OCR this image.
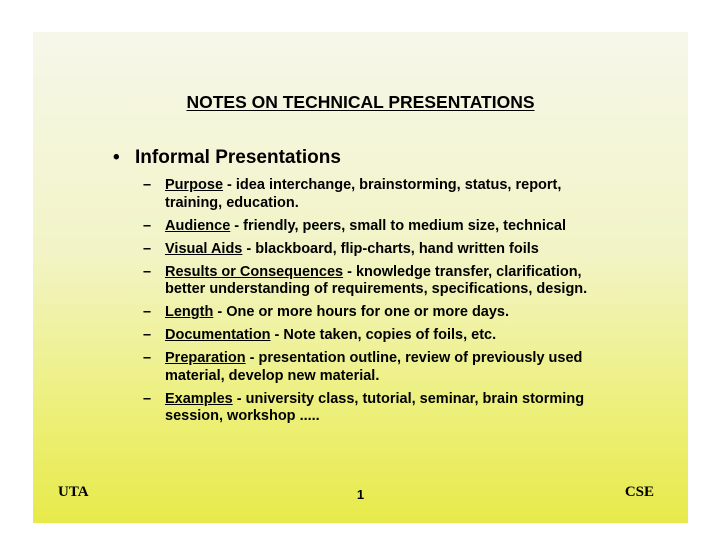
NOTES ON TECHNICAL PRESENTATIONS
• Informal Presentations
– Purpose - idea interchange, brainstorming, status, report, training, education.
– Audience - friendly, peers, small to medium size, technical
– Visual Aids - blackboard, flip-charts, hand written foils
– Results or Consequences - knowledge transfer, clarification, better understanding of requirements, specifications, design.
– Length - One or more hours for one or more days.
– Documentation - Note taken, copies of foils, etc.
– Preparation - presentation outline, review of previously used material, develop new material.
– Examples - university class, tutorial, seminar, brain storming session, workshop .....
UTA	1	CSE
